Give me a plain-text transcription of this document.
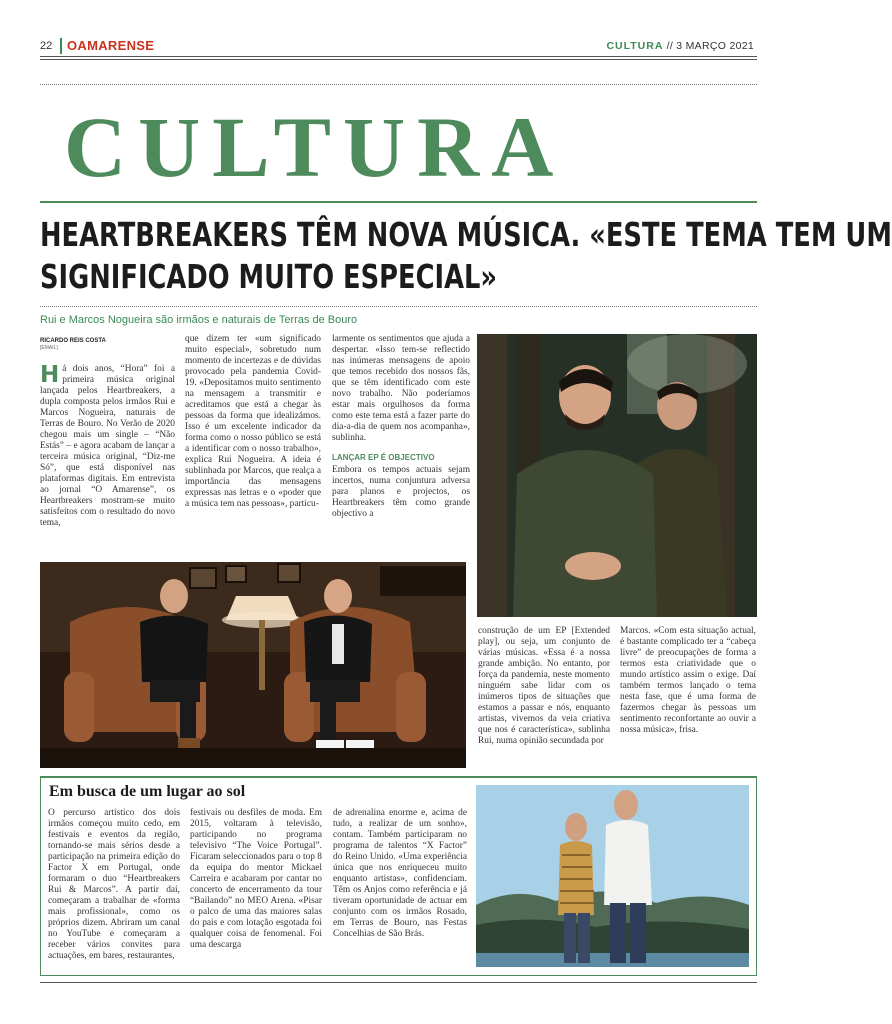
22 OAMARENSE	CULTURA // 3 MARÇO 2021
CULTURA
HEARTBREAKERS TÊM NOVA MÚSICA. «ESTE TEMA TEM UM
SIGNIFICADO MUITO ESPECIAL»
Rui e Marcos Nogueira são irmãos e naturais de Terras de Bouro
RICARDO REIS COSTA
[EMAIL]
Há dois anos, “Hora” foi a primeira música original lançada pelos Heartbreakers, a dupla composta pelos irmãos Rui e Marcos Nogueira, naturais de Terras de Bouro. No Verão de 2020 chegou mais um single – “Não Estás” – e agora acabam de lançar a terceira música original, “Diz-me Só”, que está disponível nas plataformas digitais. Em entrevista ao jornal “O Amarense”, os Heartbreakers mostram-se muito satisfeitos com o resultado do novo tema,
que dizem ter «um significado muito especial», sobretudo num momento de incertezas e de dúvidas provocado pela pandemia Covid-19. «Depositamos muito sentimento na mensagem a transmitir e acreditamos que está a chegar às pessoas da forma que idealizámos. Isso é um excelente indicador da forma como o nosso público se está a identificar com o nosso trabalho», explica Rui Nogueira. A ideia é sublinhada por Marcos, que realça a importância das mensagens expressas nas letras e o «poder que a música tem nas pessoas», particu-
larmente os sentimentos que ajuda a despertar. «Isso tem-se reflectido nas inúmeras mensagens de apoio que temos recebido dos nossos fãs, que se têm identificado com este novo trabalho. Não poderíamos estar mais orgulhosos da forma como este tema está a fazer parte do dia-a-dia de quem nos acompanha», sublinha.
LANÇAR EP É OBJECTIVO
Embora os tempos actuais sejam incertos, numa conjuntura adversa para planos e projectos, os Heartbreakers têm como grande objectivo a
construção de um EP [Extended play], ou seja, um conjunto de várias músicas. «Essa é a nossa grande ambição. No entanto, por força da pandemia, neste momento ninguém sabe lidar com os inúmeros tipos de situações que estamos a passar e nós, enquanto artistas, vivemos da veia criativa que nos é característica», sublinha Rui, numa opinião secundada por
Marcos. «Com esta situação actual, é bastante complicado ter a “cabeça livre” de preocupações de forma a termos esta criatividade que o mundo artístico assim o exige. Daí também termos lançado o tema nesta fase, que é uma forma de fazermos chegar às pessoas um sentimento reconfortante ao ouvir a nossa música», frisa.
Em busca de um lugar ao sol
O percurso artístico dos dois irmãos começou muito cedo, em festivais e eventos da região, tornando-se mais sérios desde a participação na primeira edição do Factor X em Portugal, onde formaram o duo “Heartbreakers Rui & Marcos”. A partir daí, começaram a trabalhar de «forma mais profissional», como os próprios dizem. Abriram um canal no YouTube e começaram a receber vários convites para actuações, em bares, restaurantes,
festivais ou desfiles de moda. Em 2015, voltaram à televisão, participando no programa televisivo “The Voice Portugal”. Ficaram seleccionados para o top 8 da equipa do mentor Mickael Carreira e acabaram por cantar no concerto de encerramento da tour “Bailando” no MEO Arena. «Pisar o palco de uma das maiores salas do país e com lotação esgotada foi qualquer coisa de fenomenal. Foi uma descarga
de adrenalina enorme e, acima de tudo, a realizar de um sonho», contam. Também participaram no programa de talentos “X Factor” do Reino Unido. «Uma experiência única que nos enriqueceu muito enquanto artistas», confidenciam. Têm os Anjos como referência e já tiveram oportunidade de actuar em conjunto com os irmãos Rosado, em Terras de Bouro, nas Festas Concelhias de São Brás.
